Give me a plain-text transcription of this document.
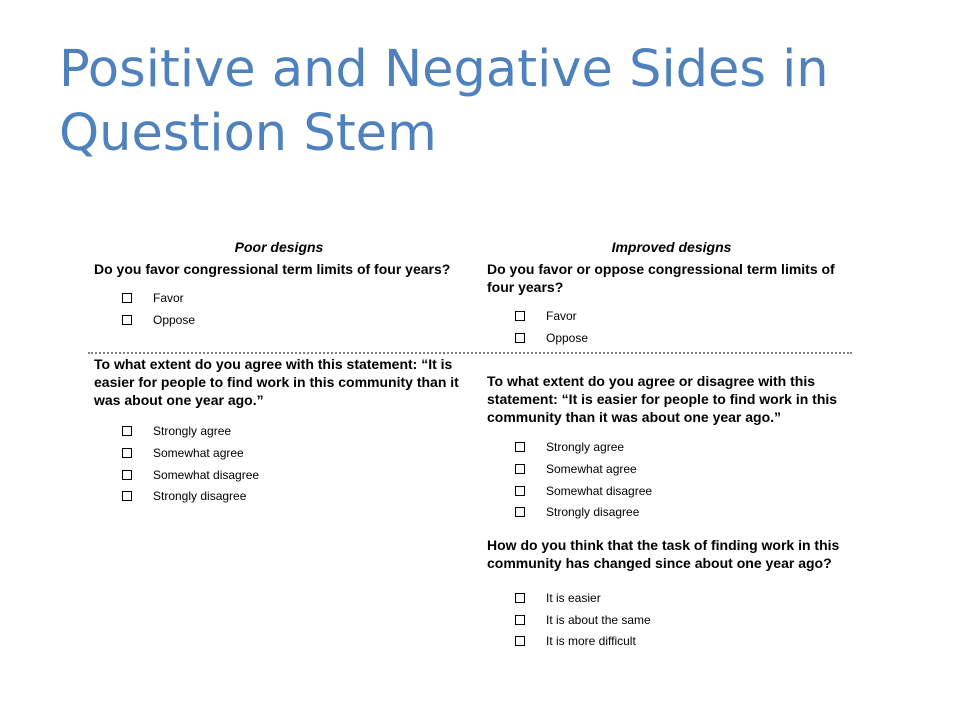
Positive and Negative Sides in Question Stem
Poor designs

Do you favor congressional term limits of four years?

Favor
Oppose

To what extent do you agree with this statement: “It is easier for people to find work in this community than it was about one year ago.”

Strongly agree
Somewhat agree
Somewhat disagree
Strongly disagree
Improved designs

Do you favor or oppose congressional term limits of four years?

Favor
Oppose

To what extent do you agree or disagree with this statement: “It is easier for people to find work in this community than it was about one year ago.”

Strongly agree
Somewhat agree
Somewhat disagree
Strongly disagree

How do you think that the task of finding work in this community has changed since about one year ago?

It is easier
It is about the same
It is more difficult
